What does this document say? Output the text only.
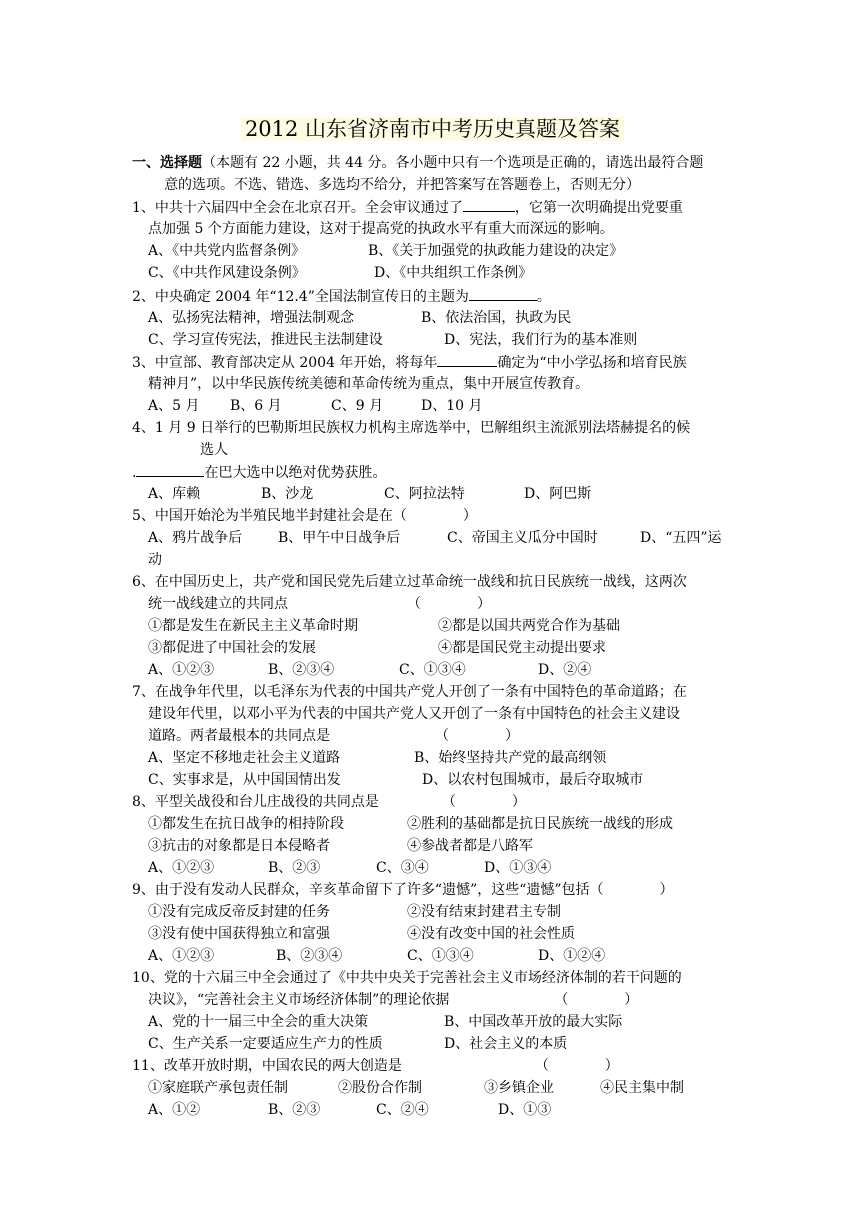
2012 山东省济南市中考历史真题及答案
一、选择题（本题有 22 小题，共 44 分。各小题中只有一个选项是正确的，请选出最符合题
意的选项。不选、错选、多选均不给分，并把答案写在答题卷上，否则无分）
1、中共十六届四中全会在北京召开。全会审议通过了	，它第一次明确提出党要重
点加强 5 个方面能力建设，这对于提高党的执政水平有重大而深远的影响。
A、《中共党内监督条例》	B、《关于加强党的执政能力建设的决定》
C、《中共作风建设条例》	D、《中共组织工作条例》
2、中央确定 2004 年“12.4”全国法制宣传日的主题为	。
A、弘扬宪法精神，增强法制观念	B、依法治国，执政为民
C、学习宣传宪法，推进民主法制建设	D、宪法，我们行为的基本准则
3、中宣部、教育部决定从 2004 年开始，将每年	确定为“中小学弘扬和培育民族
精神月”，以中华民族传统美德和革命传统为重点，集中开展宣传教育。
A、5 月 B、6 月	C、9 月	D、10 月
4、1 月 9 日举行的巴勒斯坦民族权力机构主席选举中，巴解组织主流派别法塔赫提名的候
选人
.	在巴大选中以绝对优势获胜。
A、库赖	B、沙龙	C、阿拉法特	D、阿巴斯
5、中国开始沦为半殖民地半封建社会是在（　　　　）
A、鸦片战争后	B、甲午中日战争后	C、帝国主义瓜分中国时	D、“五四”运
动
6、在中国历史上，共产党和国民党先后建立过革命统一战线和抗日民族统一战线，这两次
统一战线建立的共同点　　　　　　　　　（　　　　）
①都是发生在新民主主义革命时期	②都是以国共两党合作为基础
③都促进了中国社会的发展	④都是国民党主动提出要求
A、①②③	B、②③④	C、①③④	D、②④
7、在战争年代里，以毛泽东为代表的中国共产党人开创了一条有中国特色的革命道路；在
建设年代里，以邓小平为代表的中国共产党人又开创了一条有中国特色的社会主义建设
道路。两者最根本的共同点是　　　　　　　　（　　　　）
A、坚定不移地走社会主义道路	B、始终坚持共产党的最高纲领
C、实事求是，从中国国情出发	D、以农村包围城市，最后夺取城市
8、平型关战役和台儿庄战役的共同点是　　　　　（　　　　）
①都发生在抗日战争的相持阶段	②胜利的基础都是抗日民族统一战线的形成
③抗击的对象都是日本侵略者	④参战者都是八路军
A、①②③	B、②③	C、③④	D、①③④
9、由于没有发动人民群众，辛亥革命留下了许多“遗憾”，这些“遗憾”包括（　　　　）
①没有完成反帝反封建的任务	②没有结束封建君主专制
③没有使中国获得独立和富强	④没有改变中国的社会性质
A、①②③	B、②③④	C、①③④	D、①②④
10、党的十六届三中全会通过了《中共中央关于完善社会主义市场经济体制的若干问题的
决议》，“完善社会主义市场经济体制”的理论依据　　　　　　　　（　　　　）
A、党的十一届三中全会的重大决策	B、中国改革开放的最大实际
C、生产关系一定要适应生产力的性质	D、社会主义的本质
11、改革开放时期，中国农民的两大创造是　　　　　　　　　　（　　　　）
①家庭联产承包责任制	②股份合作制	③乡镇企业	④民主集中制
A、①②	B、②③	C、②④	D、①③
